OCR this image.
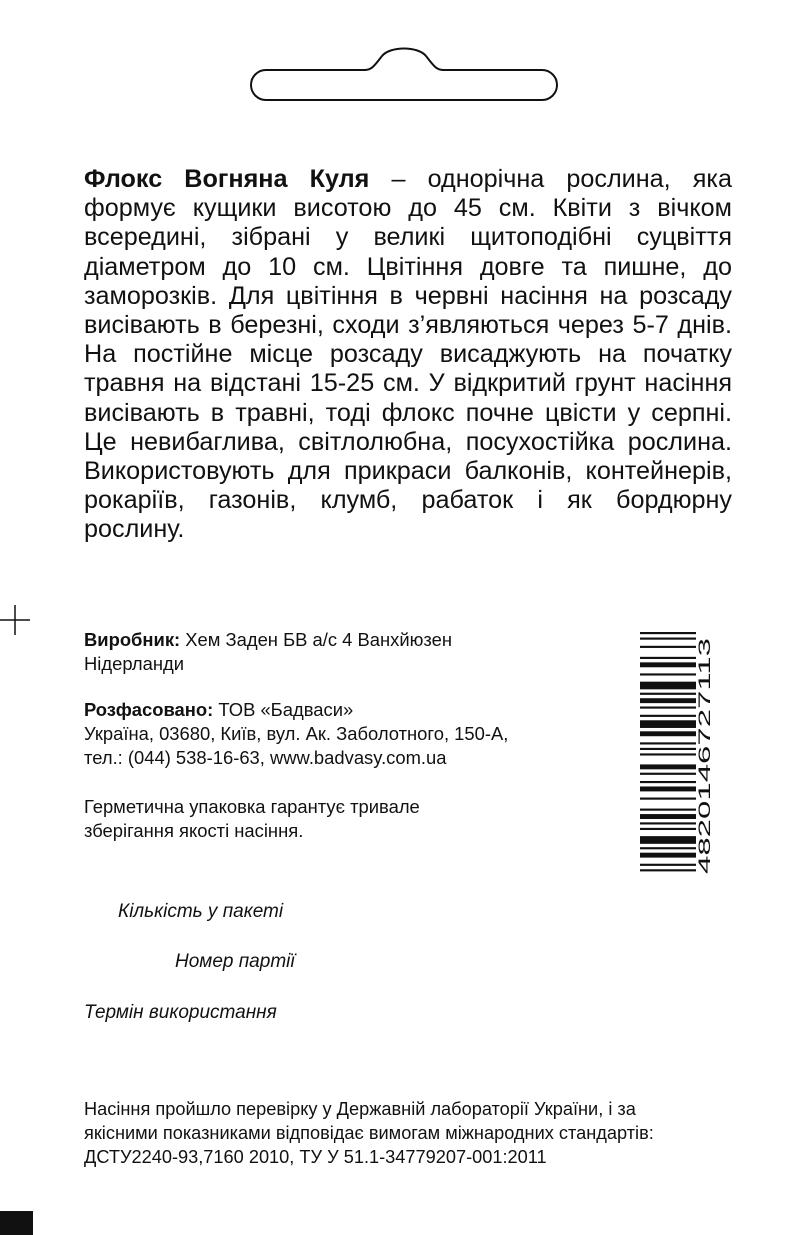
Флокс Вогняна Куля – однорічна рослина, яка формує кущики висотою до 45 см. Квіти з вічком всередині, зібрані у великі щитоподібні суцвіття діаметром до 10 см. Цвітіння довге та пишне, до заморозків. Для цвітіння в червні насіння на розсаду висівають в березні, сходи з’являються через 5-7 днів. На постійне місце розсаду висаджують на початку травня на відстані 15-25 см. У відкритий грунт насіння висівають в травні, тоді флокс почне цвісти у серпні. Це невибаглива, світлолюбна, посухостійка рослина. Використовують для прикраси балконів, контейнерів, рокаріїв, газонів, клумб, рабаток і як бордюрну рослину.

Виробник: Хем Заден БВ а/с 4 Ванхйюзен
Нідерланди

Розфасовано: ТОВ «Бадваси»
Україна, 03680, Київ, вул. Ак. Заболотного, 150-А,
тел.: (044) 538-16-63, www.badvasy.com.ua

Герметична упаковка гарантує тривале
зберігання якості насіння.	4820146727113

Кількість у пакеті

Номер партії

Термін використання

Насіння пройшло перевірку у Державній лабораторії України, і за
якісними показниками відповідає вимогам міжнародних стандартів:
ДСТУ2240-93,7160 2010, ТУ У 51.1-34779207-001:2011
